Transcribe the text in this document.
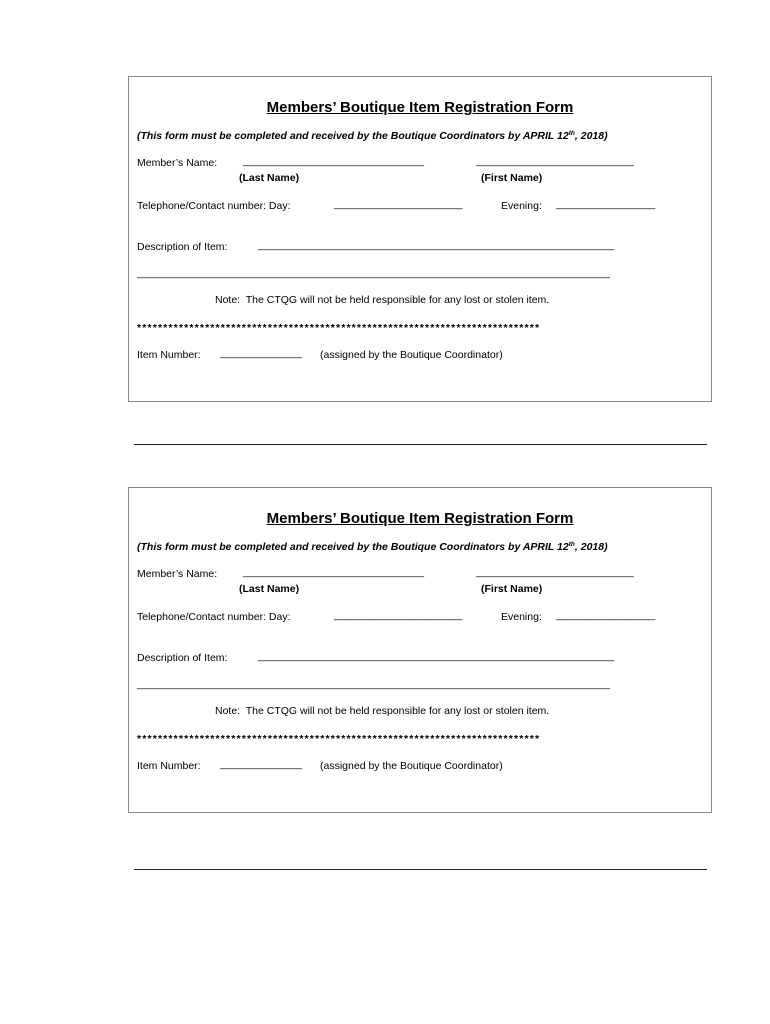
Members’ Boutique Item Registration Form
(This form must be completed and received by the Boutique Coordinators by APRIL 12th, 2018)
Member’s Name: _______________________________	___________________________
(Last Name)	(First Name)
Telephone/Contact number: Day:	______________________	Evening: _________________
Description of Item:	_____________________________________________________________
_________________________________________________________________________________
Note:  The CTQG will not be held responsible for any lost or stolen item.
*****************************************************************************
Item Number: ______________ (assigned by the Boutique Coordinator)
Members’ Boutique Item Registration Form
(This form must be completed and received by the Boutique Coordinators by APRIL 12th, 2018)
Member’s Name: _______________________________	___________________________
(Last Name)	(First Name)
Telephone/Contact number: Day:	______________________	Evening: _________________
Description of Item:	_____________________________________________________________
_________________________________________________________________________________
Note:  The CTQG will not be held responsible for any lost or stolen item.
*****************************************************************************
Item Number: ______________ (assigned by the Boutique Coordinator)
